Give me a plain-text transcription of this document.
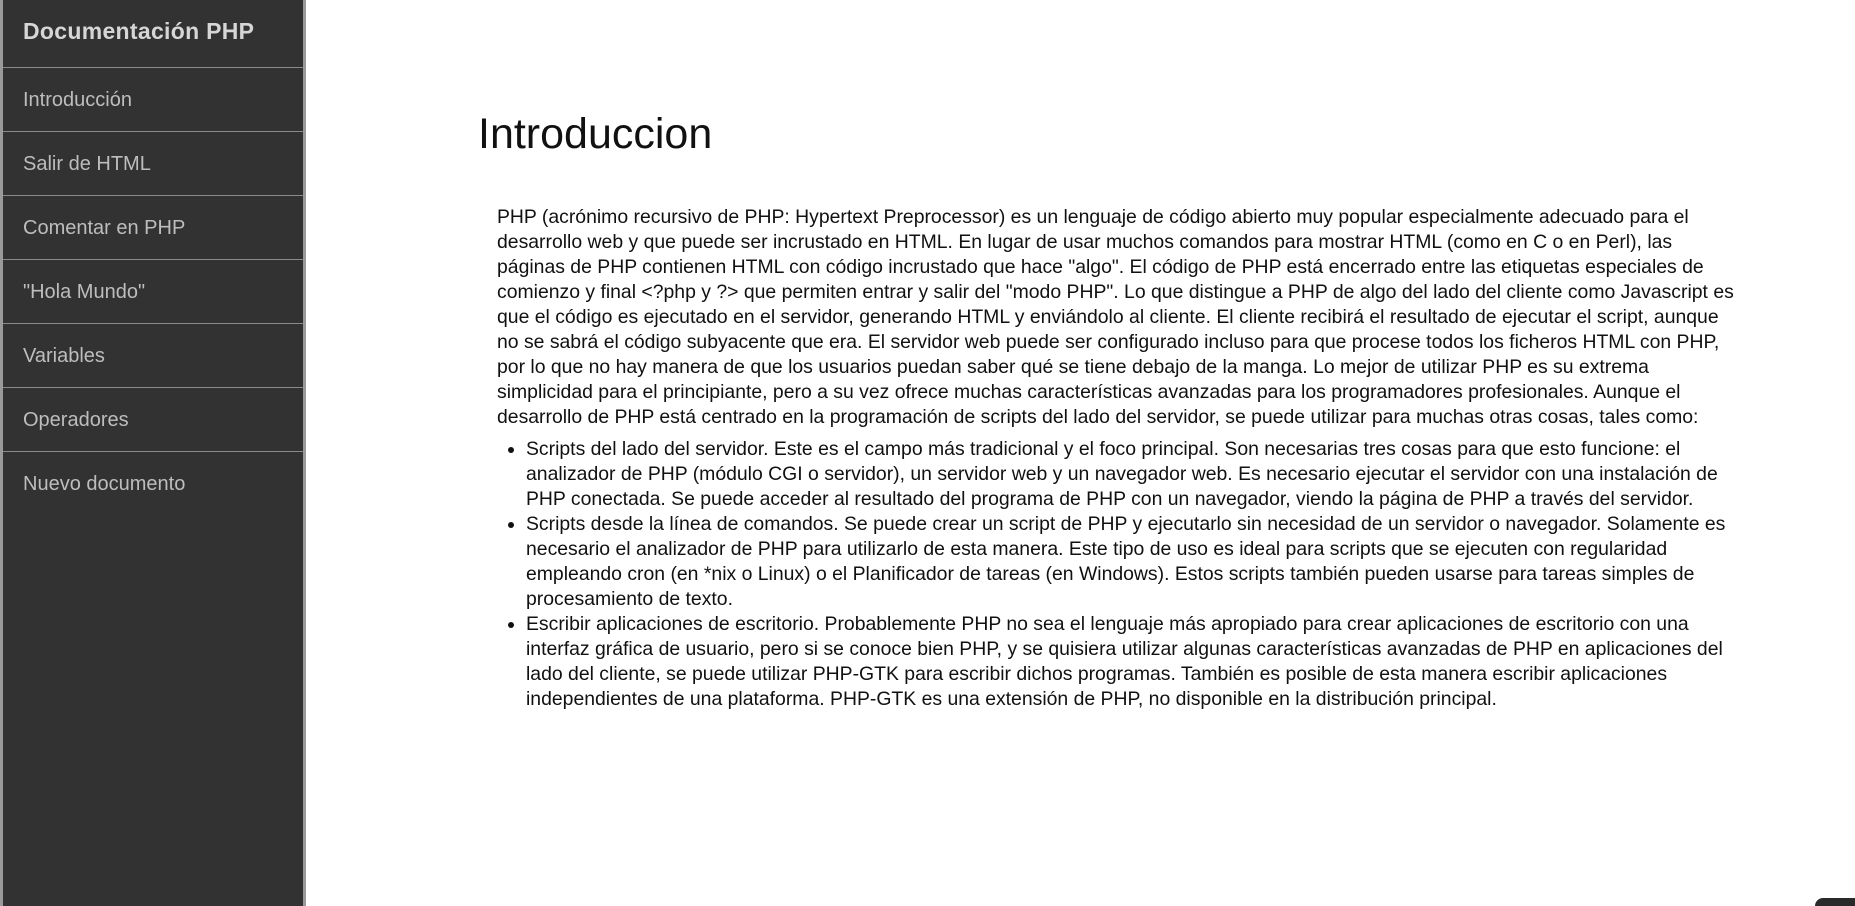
Documentación PHP
Introducción
Salir de HTML
Comentar en PHP
"Hola Mundo"
Variables
Operadores
Nuevo documento
Introduccion

PHP (acrónimo recursivo de PHP: Hypertext Preprocessor) es un lenguaje de código abierto muy popular especialmente adecuado para el desarrollo web y que puede ser incrustado en HTML. En lugar de usar muchos comandos para mostrar HTML (como en C o en Perl), las páginas de PHP contienen HTML con código incrustado que hace "algo". El código de PHP está encerrado entre las etiquetas especiales de comienzo y final <?php y ?> que permiten entrar y salir del "modo PHP". Lo que distingue a PHP de algo del lado del cliente como Javascript es que el código es ejecutado en el servidor, generando HTML y enviándolo al cliente. El cliente recibirá el resultado de ejecutar el script, aunque no se sabrá el código subyacente que era. El servidor web puede ser configurado incluso para que procese todos los ficheros HTML con PHP, por lo que no hay manera de que los usuarios puedan saber qué se tiene debajo de la manga. Lo mejor de utilizar PHP es su extrema simplicidad para el principiante, pero a su vez ofrece muchas características avanzadas para los programadores profesionales. Aunque el desarrollo de PHP está centrado en la programación de scripts del lado del servidor, se puede utilizar para muchas otras cosas, tales como:

• Scripts del lado del servidor. Este es el campo más tradicional y el foco principal. Son necesarias tres cosas para que esto funcione: el analizador de PHP (módulo CGI o servidor), un servidor web y un navegador web. Es necesario ejecutar el servidor con una instalación de PHP conectada. Se puede acceder al resultado del programa de PHP con un navegador, viendo la página de PHP a través del servidor.
• Scripts desde la línea de comandos. Se puede crear un script de PHP y ejecutarlo sin necesidad de un servidor o navegador. Solamente es necesario el analizador de PHP para utilizarlo de esta manera. Este tipo de uso es ideal para scripts que se ejecuten con regularidad empleando cron (en *nix o Linux) o el Planificador de tareas (en Windows). Estos scripts también pueden usarse para tareas simples de procesamiento de texto.
• Escribir aplicaciones de escritorio. Probablemente PHP no sea el lenguaje más apropiado para crear aplicaciones de escritorio con una interfaz gráfica de usuario, pero si se conoce bien PHP, y se quisiera utilizar algunas características avanzadas de PHP en aplicaciones del lado del cliente, se puede utilizar PHP-GTK para escribir dichos programas. También es posible de esta manera escribir aplicaciones independientes de una plataforma. PHP-GTK es una extensión de PHP, no disponible en la distribución principal.
